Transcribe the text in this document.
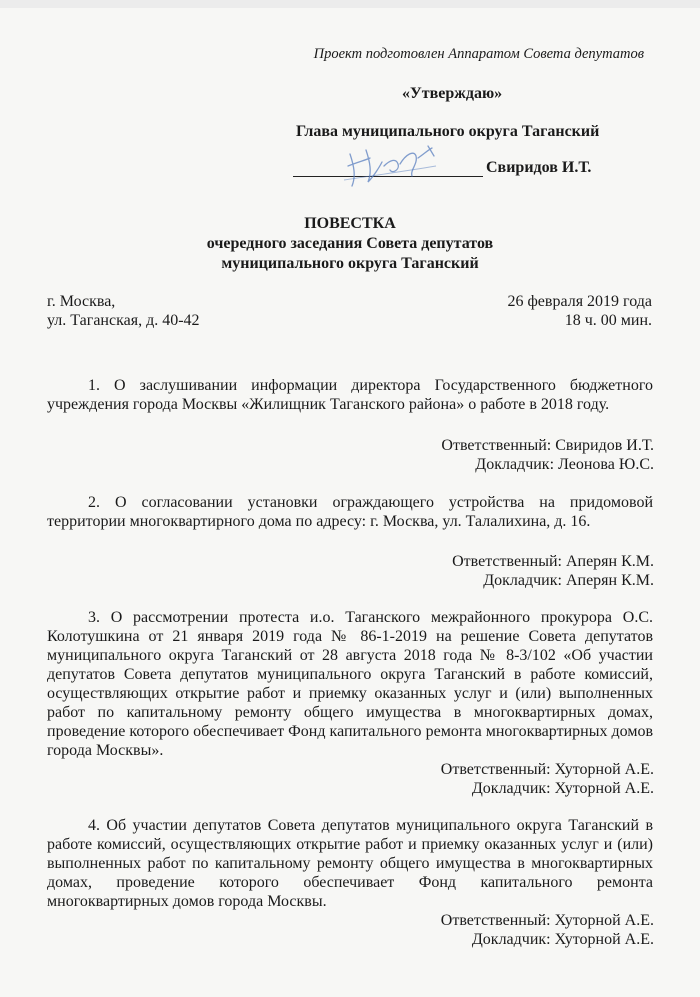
Проект подготовлен Аппаратом Совета депутатов
«Утверждаю»
Глава муниципального округа Таганский
Свиридов И.Т.
ПОВЕСТКА
очередного заседания Совета депутатов
муниципального округа Таганский
г. Москва,
ул. Таганская, д. 40-42
26 февраля 2019 года
18 ч. 00 мин.
1. О заслушивании информации директора Государственного бюджетного учреждения города Москвы «Жилищник Таганского района» о работе в 2018 году.
Ответственный: Свиридов И.Т.
Докладчик: Леонова Ю.С.
2. О согласовании установки ограждающего устройства на придомовой территории многоквартирного дома по адресу: г. Москва, ул. Талалихина, д. 16.
Ответственный: Аперян К.М.
Докладчик: Аперян К.М.
3. О рассмотрении протеста и.о. Таганского межрайонного прокурора О.С. Колотушкина от 21 января 2019 года № 86-1-2019 на решение Совета депутатов муниципального округа Таганский от 28 августа 2018 года № 8-3/102 «Об участии депутатов Совета депутатов муниципального округа Таганский в работе комиссий, осуществляющих открытие работ и приемку оказанных услуг и (или) выполненных работ по капитальному ремонту общего имущества в многоквартирных домах, проведение которого обеспечивает Фонд капитального ремонта многоквартирных домов города Москвы».
Ответственный: Хуторной А.Е.
Докладчик: Хуторной А.Е.
4. Об участии депутатов Совета депутатов муниципального округа Таганский в работе комиссий, осуществляющих открытие работ и приемку оказанных услуг и (или) выполненных работ по капитальному ремонту общего имущества в многоквартирных домах, проведение которого обеспечивает Фонд капитального ремонта многоквартирных домов города Москвы.
Ответственный: Хуторной А.Е.
Докладчик: Хуторной А.Е.
